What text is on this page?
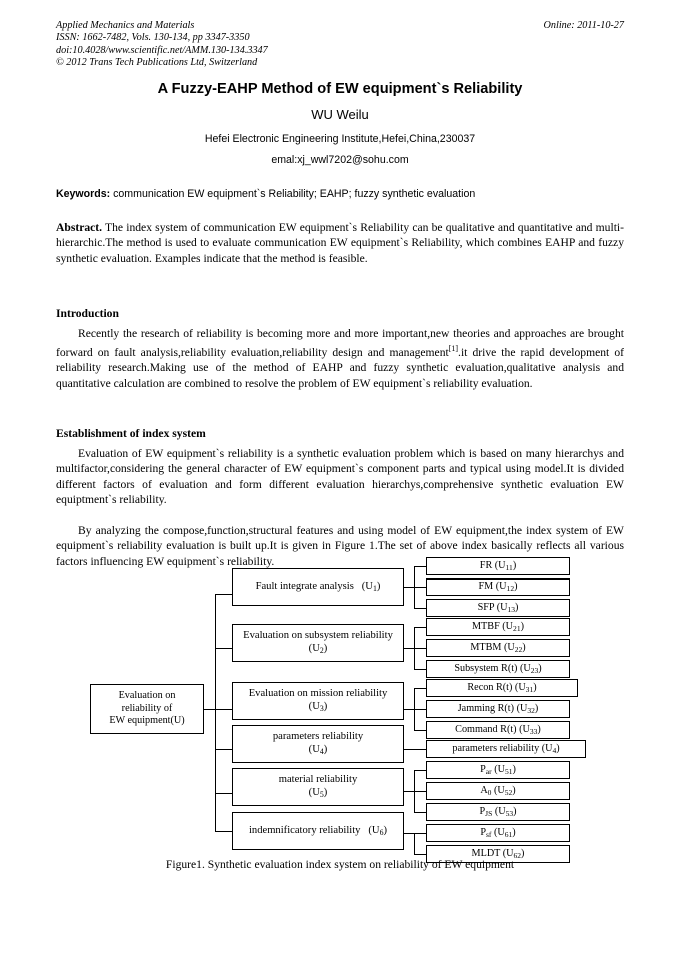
Applied Mechanics and Materials	Online: 2011-10-27
ISSN: 1662-7482, Vols. 130-134, pp 3347-3350
doi:10.4028/www.scientific.net/AMM.130-134.3347
© 2012 Trans Tech Publications Ltd, Switzerland
A Fuzzy-EAHP Method of EW equipment`s Reliability
WU Weilu
Hefei Electronic Engineering Institute,Hefei,China,230037
emal:xj_wwl7202@sohu.com
Keywords: communication EW equipment`s Reliability; EAHP; fuzzy synthetic evaluation
Abstract. The index system of communication EW equipment`s Reliability can be qualitative and quantitative and multi-hierarchic.The method is used to evaluate communication EW equipment`s Reliability, which combines EAHP and fuzzy synthetic evaluation. Examples indicate that the method is feasible.
Introduction
Recently the research of reliability is becoming more and more important,new theories and approaches are brought forward on fault analysis,reliability evaluation,reliability design and management[1].it drive the rapid development of reliability research.Making use of the method of EAHP and fuzzy synthetic evaluation,qualitative analysis and quantitative calculation are combined to resolve the problem of EW equipment`s reliability evaluation.
Establishment of index system
Evaluation of EW equipment`s reliability is a synthetic evaluation problem which is based on many hierarchys and multifactor,considering the general character of EW equipment`s component parts and typical using model.It is divided different factors of evaluation and form different evaluation hierarchys,comprehensive synthetic evaluation EW equiptment`s reliability.
By analyzing the compose,function,structural features and using model of EW equipment,the index system of EW equipment`s reliability evaluation is built up.It is given in Figure 1.The set of above index basically reflects all various factors influencing EW equipment`s reliability.
Evaluation on
reliability of
EW equipment(U)
Fault integrate analysis
$(U_1)$
Evaluation on subsystem reliability
$(U_2)$
Evaluation on mission reliability
$(U_3)$
parameters reliability
$(U_4)$
material reliability
$(U_5)$
indemnificatory reliability
$(U_6)$
FR $(U_{11})$
FM $(U_{12})$
SFP $(U_{13})$
MTBF $(U_{21})$
MTBM $(U_{22})$
Subsystem R(t) $(U_{23})$
Recon R(t) $(U_{31})$
Jamming R(t) $(U_{32})$
Command R(t) $(U_{33})$
parameters reliability $(U_4)$
$P_{ar}$ $(U_{51})$
$A_0$ $(U_{52})$
$P_{JS}$ $(U_{53})$
$P_{sf}$ $(U_{61})$
MLDT $(U_{62})$
Figure1. Synthetic evaluation index system on reliability of EW equipment
